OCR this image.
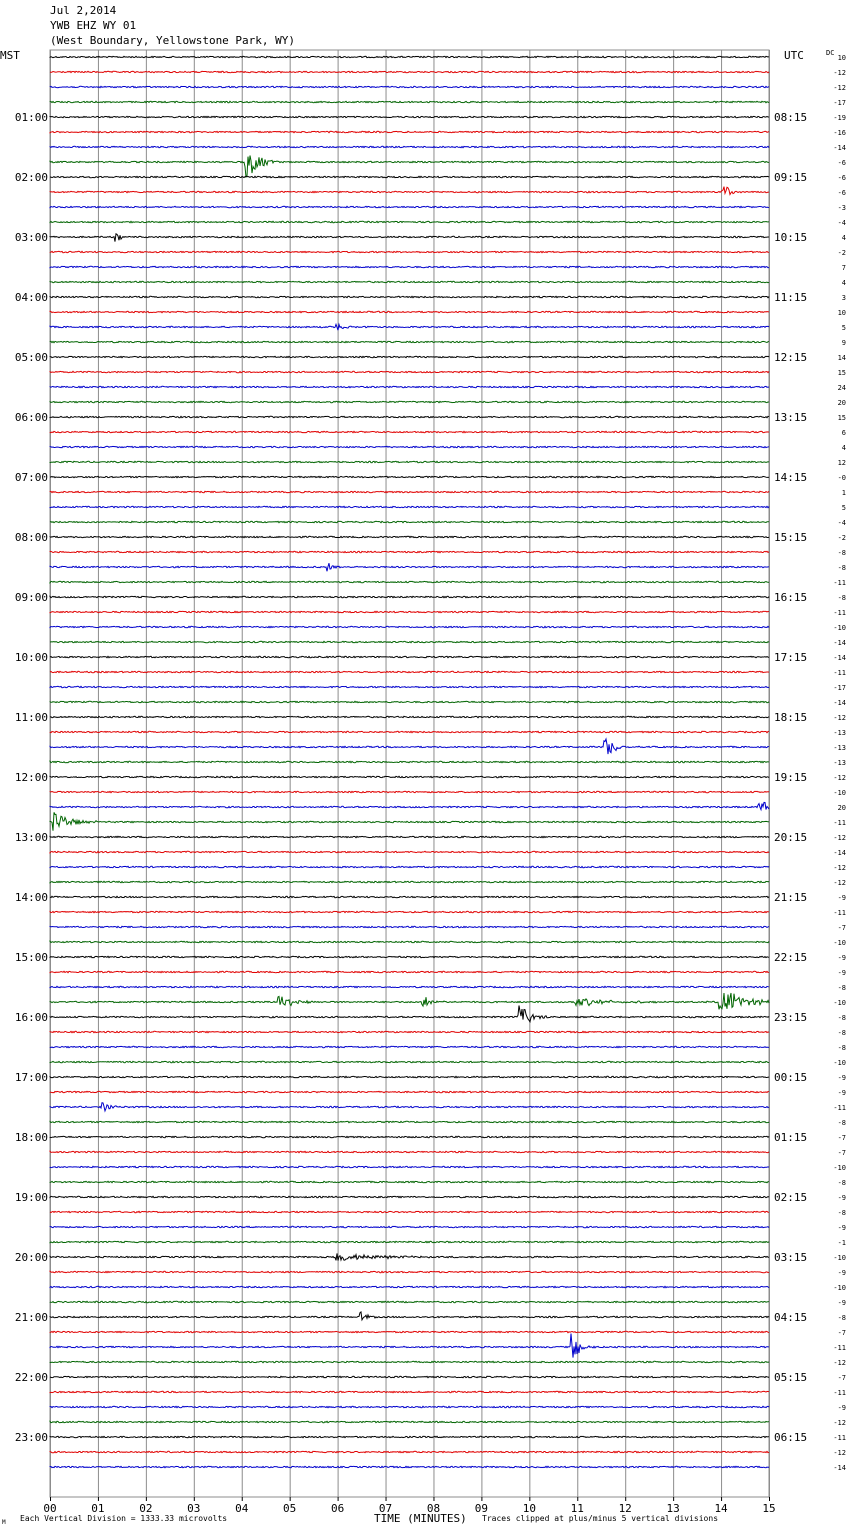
Jul 2,2014
YWB EHZ WY 01
(West Boundary, Yellowstone Park, WY)
MST	UTC	DC
10
-12
-12
-17
-19
-16
-14
-6
-6
-6
-3
-4
4
-2
7
4
3
10
5
9
14
15
24
20
15
6
4
12
-0
1
5
-4
-2
-8
-8
-11
-8
-11
-10
-14
-14
-11
-17
-14
-12
-13
-13
-13
-12
-10
20
-11
-12
-14
-12
-12
-9
-11
-7
-10
-9
-9
-8
-10
-8
-8
-8
-10
-9
-9
-11
-8
-7
-7
-10
-8
-9
-8
-9
-1
-10
-9
-10
-9
-8
-7
-11
-12
-7
-11
-9
-12
-11
-12
-14
01:00
02:00
03:00
04:00
05:00
06:00
07:00
08:00
09:00
10:00
11:00
12:00
13:00
14:00
15:00
16:00
17:00
18:00
19:00
20:00
21:00
22:00
23:00
08:15
09:15
10:15
11:15
12:15
13:15
14:15
15:15
16:15
17:15
18:15
19:15
20:15
21:15
22:15
23:15
00:15
01:15
02:15
03:15
04:15
05:15
06:15
00	01	02	03	04	05	06	07	08	09	10	11	12	13	14	15
M Each Vertical Division = 1333.33 microvolts	TIME (MINUTES) Traces clipped at plus/minus 5 vertical divisions
